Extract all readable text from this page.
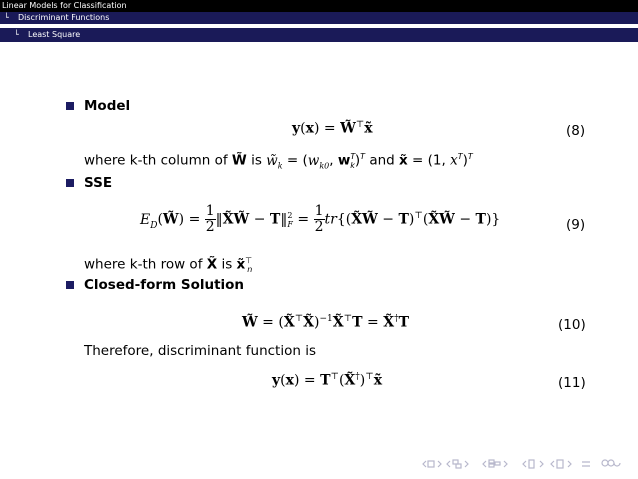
Linear Models for Classification
└ Discriminant Functions
└ Least Square
Model
y(x) = W̃⊤x̃	(8)
where k-th column of W̃ is $w̃_k = (w_{k0}$, $w^T_k)^T$ and x̃ = (1, $x^T)^T$
SSE
$E_D(W̃) = 1$

2 ‖X̃W̃ − T‖$^2_F$ = 1

2 tr{(X̃W̃ − T)⊤(X̃W̃ − T)}	(9)
where k-th row of X̃ is $x̃^⊤_n$
Closed-form Solution
W̃ = (X̃⊤X̃)$^{-1}$X̃⊤T = X̃†T	(10)
Therefore, discriminant function is
y(x) = T⊤(X̃†)⊤x̃	(11)
